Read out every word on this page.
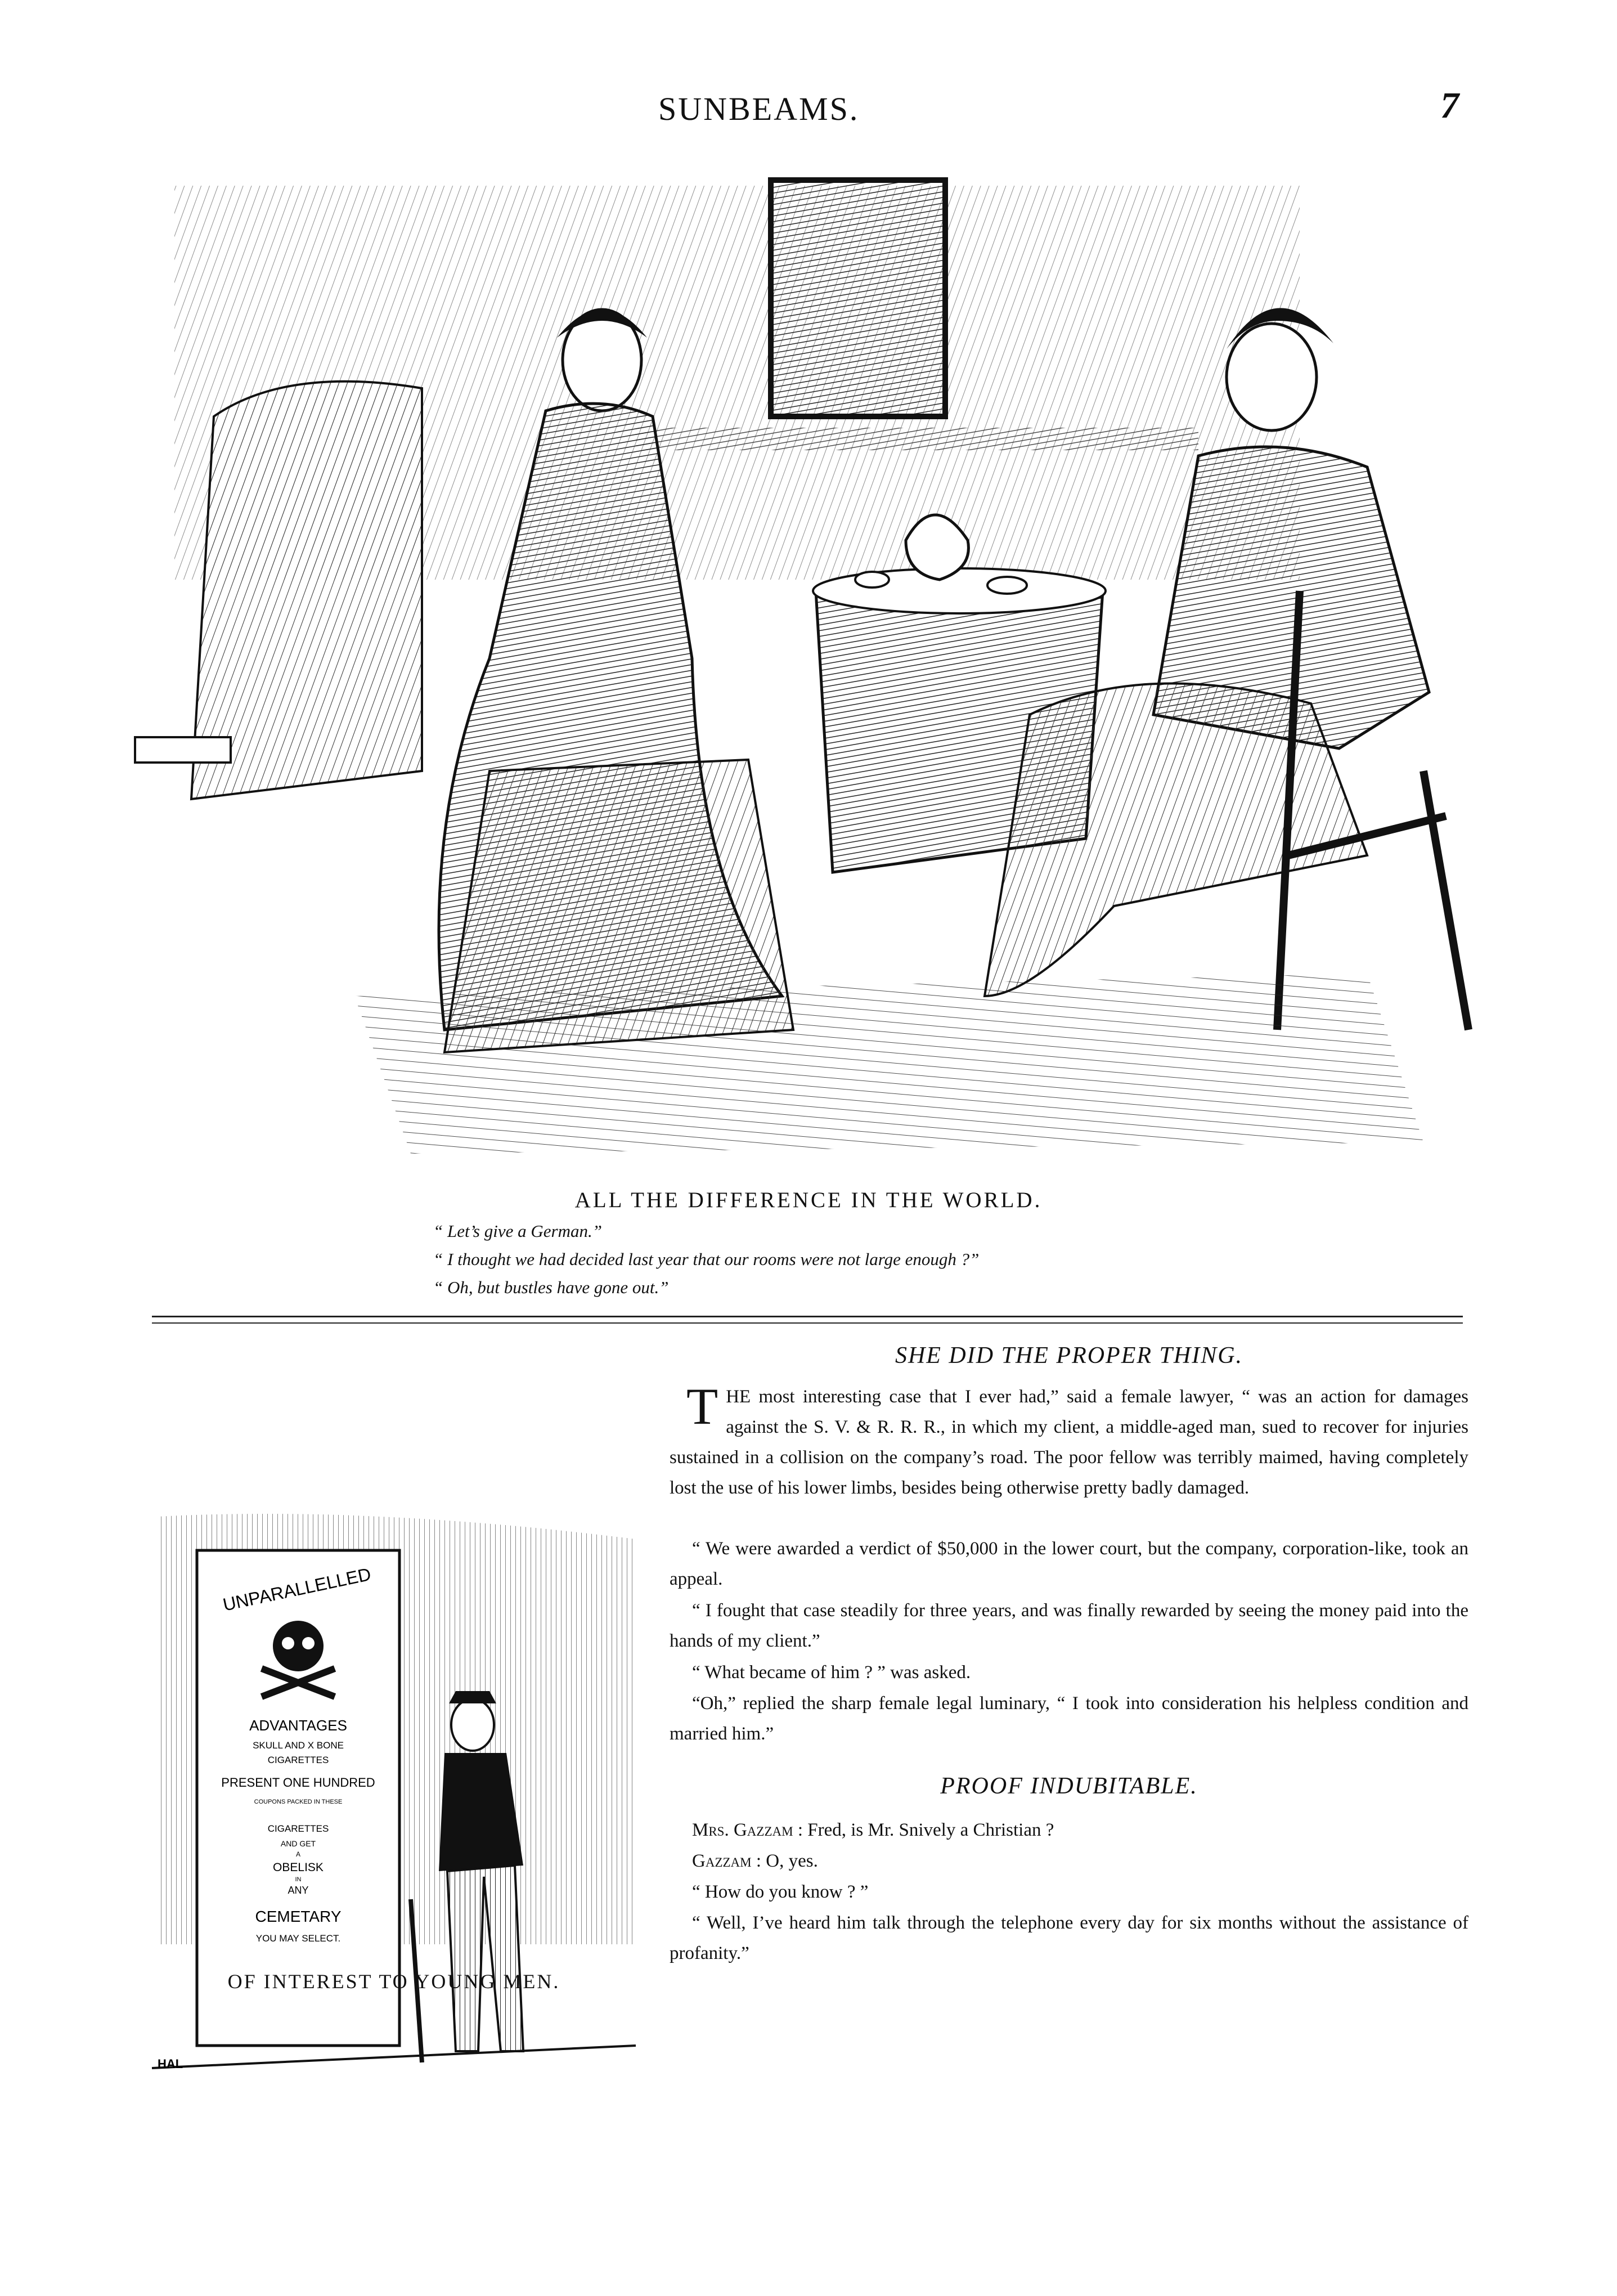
SUNBEAMS.	7
ALL THE DIFFERENCE IN THE WORLD.
“ Let’s give a German.”
“ I thought we had decided last year that our rooms were not large enough ?”
“ Oh, but bustles have gone out.”
UNPARALLELLED
ADVANTAGES
SKULL AND X BONE
CIGARETTES
PRESENT ONE HUNDRED
COUPONS PACKED IN THESE
CIGARETTES
AND GET
A
OBELISK
IN
ANY
CEMETARY
YOU MAY SELECT.
HAL
OF INTEREST TO YOUNG MEN.
SHE DID THE PROPER THING.
THE most interesting case that I ever had,” said a female lawyer, “ was an action for damages against the S. V. & R. R. R., in which my client, a middle-aged man, sued to recover for injuries sustained in a collision on the company’s road. The poor fellow was terribly maimed, having completely lost the use of his lower limbs, besides being otherwise pretty badly damaged.
“ We were awarded a verdict of $50,000 in the lower court, but the company, corporation-like, took an appeal.
“ I fought that case steadily for three years, and was finally rewarded by seeing the money paid into the hands of my client.”
“ What became of him ? ” was asked.
“Oh,” replied the sharp female legal luminary, “ I took into consideration his helpless condition and married him.”
PROOF INDUBITABLE.
Mrs. Gazzam : Fred, is Mr. Snively a Christian ?
Gazzam : O, yes.
“ How do you know ? ”
“ Well, I’ve heard him talk through the telephone every day for six months without the assistance of profanity.”
